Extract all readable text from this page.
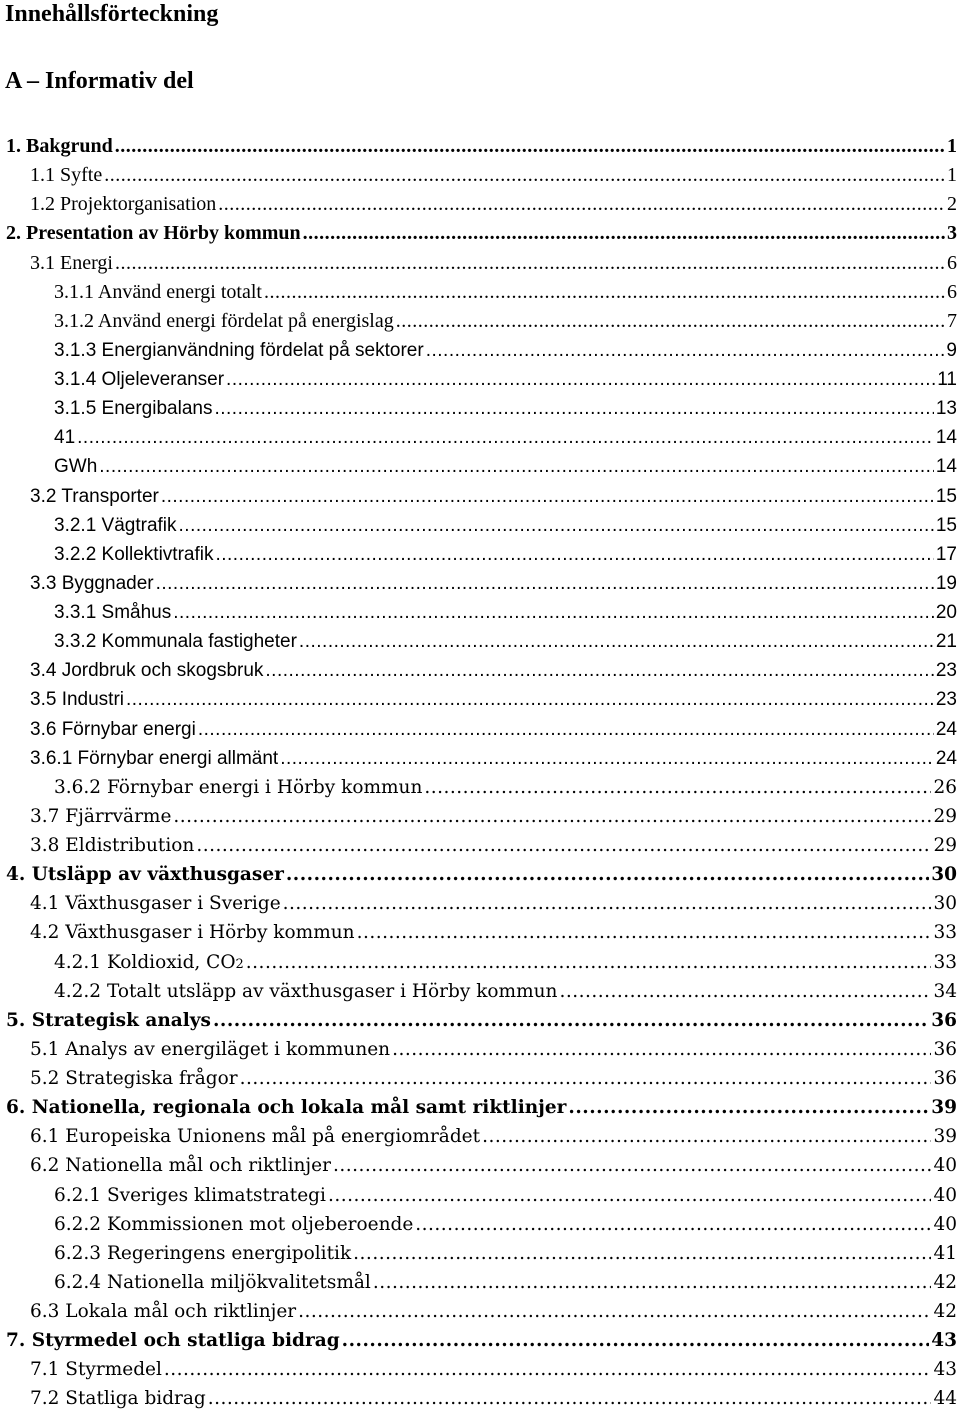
Innehållsförteckning
A – Informativ del
1. Bakgrund .....	1
1.1 Syfte .....	1
1.2 Projektorganisation .....	2
2. Presentation av Hörby kommun .....	3
3.1 Energi .....	6
3.1.1 Använd energi totalt .....	6
3.1.2 Använd energi fördelat på energislag .....	7
3.1.3 Energianvändning fördelat på sektorer .....	9
3.1.4 Oljeleveranser .....	11
3.1.5 Energibalans .....	13
41 .....	14
GWh .....	14
3.2 Transporter .....	15
3.2.1 Vägtrafik .....	15
3.2.2 Kollektivtrafik .....	17
3.3 Byggnader .....	19
3.3.1 Småhus .....	20
3.3.2 Kommunala fastigheter .....	21
3.4 Jordbruk och skogsbruk .....	23
3.5 Industri .....	23
3.6 Förnybar energi .....	24
3.6.1 Förnybar energi allmänt .....	24
3.6.2 Förnybar energi i Hörby kommun .....	26
3.7 Fjärrvärme .....	29
3.8 Eldistribution .....	29
4. Utsläpp av växthusgaser .....	30
4.1 Växthusgaser i Sverige .....	30
4.2 Växthusgaser i Hörby kommun .....	33
4.2.1 Koldioxid, CO 2 .....	33
4.2.2 Totalt utsläpp av växthusgaser i Hörby kommun .....	34
5. Strategisk analys .....	36
5.1 Analys av energiläget i kommunen .....	36
5.2 Strategiska frågor .....	36
6. Nationella, regionala och lokala mål samt riktlinjer .....	39
6.1 Europeiska Unionens mål på energiområdet .....	39
6.2 Nationella mål och riktlinjer .....	40
6.2.1 Sveriges klimatstrategi .....	40
6.2.2 Kommissionen mot oljeberoende .....	40
6.2.3 Regeringens energipolitik .....	41
6.2.4 Nationella miljökvalitetsmål .....	42
6.3 Lokala mål och riktlinjer .....	42
7. Styrmedel och statliga bidrag .....	43
7.1 Styrmedel .....	43
7.2 Statliga bidrag .....	44
